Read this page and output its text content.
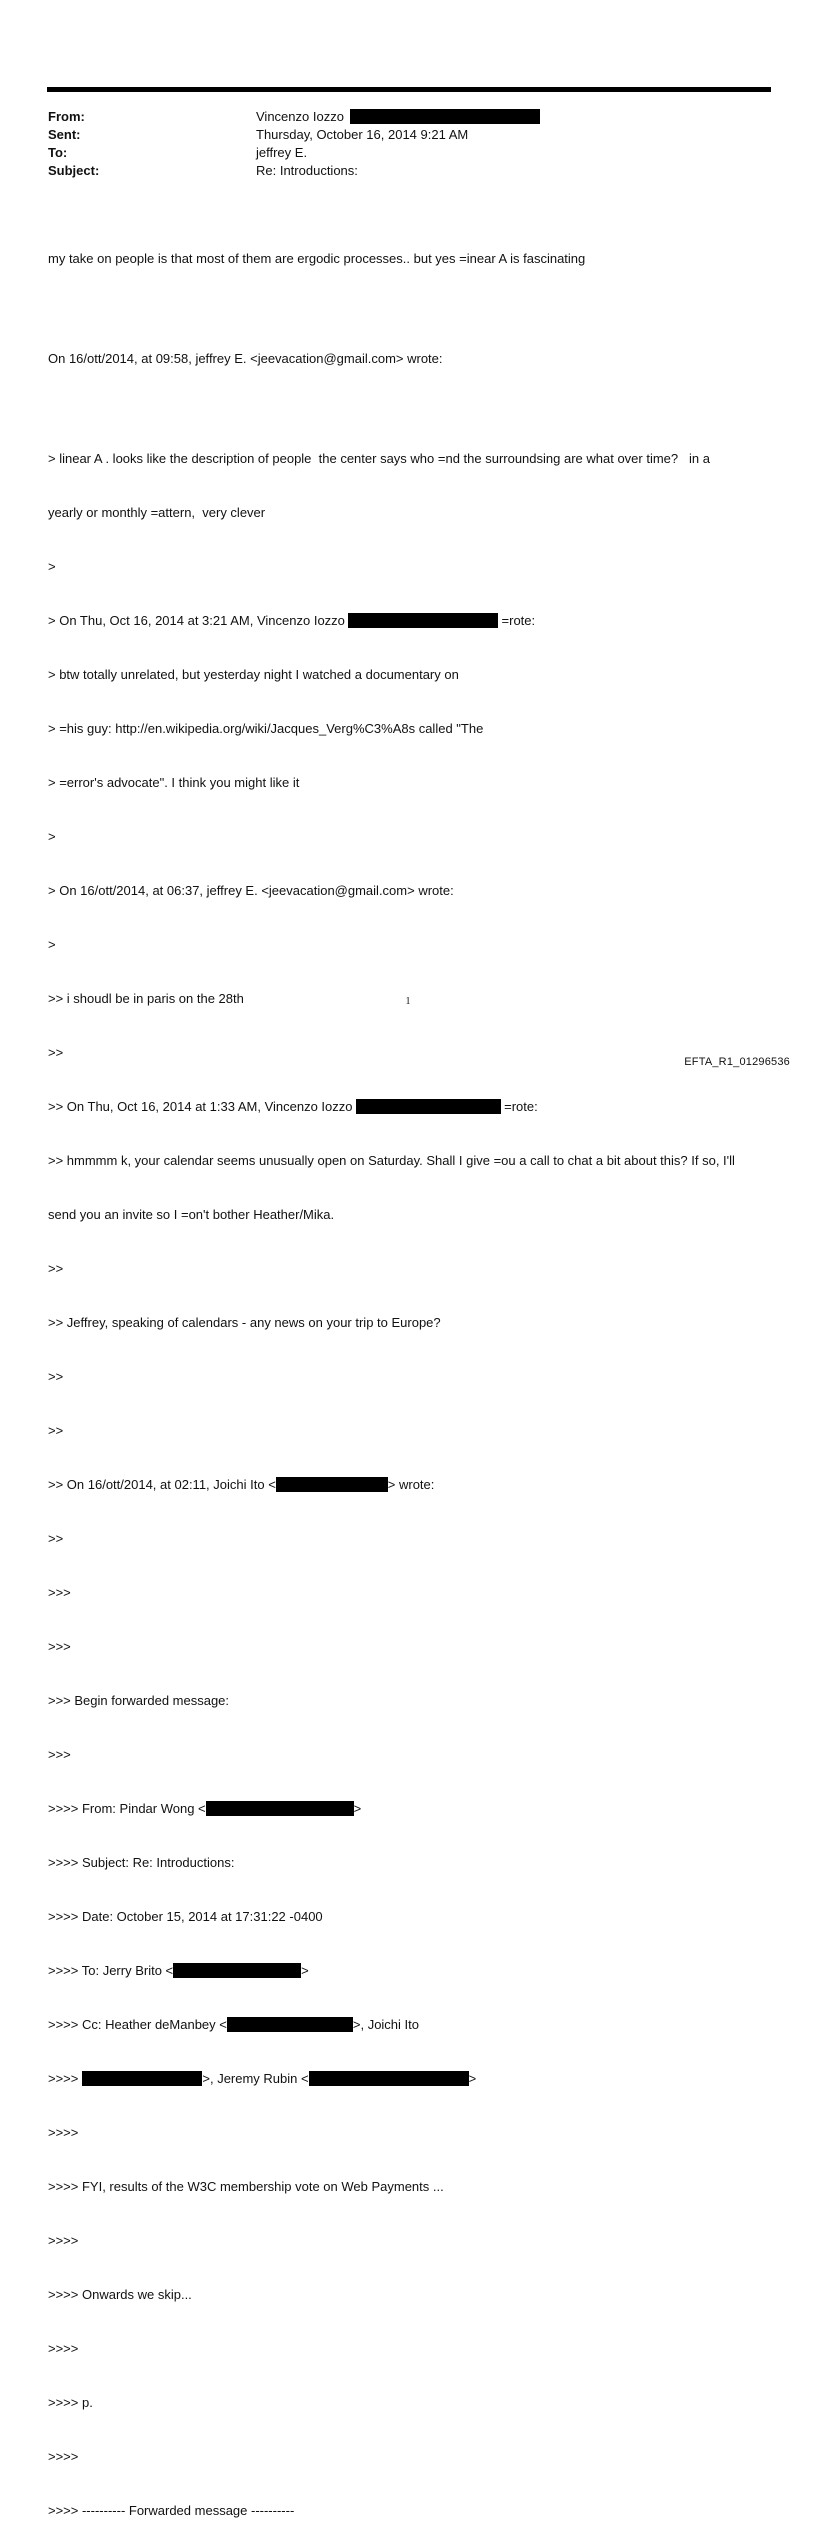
From:	Vincenzo Iozzo
Sent:	Thursday, October 16, 2014 9:21 AM
To:	jeffrey E.
Subject:	Re: Introductions:

my take on people is that most of them are ergodic processes.. but yes =inear A is fascinating

On 16/ott/2014, at 09:58, jeffrey E. <jeevacation@gmail.com> wrote:

> linear A . looks like the description of people  the center says who =nd the surroundsing are what over time?   in a

yearly or monthly =attern,  very clever

>

> On Thu, Oct 16, 2014 at 3:21 AM, Vincenzo Iozzo	=rote:

> btw totally unrelated, but yesterday night I watched a documentary on

> =his guy: http://en.wikipedia.org/wiki/Jacques_Verg%C3%A8s called "The

> =error's advocate". I think you might like it

>

> On 16/ott/2014, at 06:37, jeffrey E. <jeevacation@gmail.com> wrote:

>

>> i shoudl be in paris on the 28th

>>

>> On Thu, Oct 16, 2014 at 1:33 AM, Vincenzo Iozzo	=rote:

>> hmmmm k, your calendar seems unusually open on Saturday. Shall I give =ou a call to chat a bit about this? If so, I'll

send you an invite so I =on't bother Heather/Mika.

>>

>> Jeffrey, speaking of calendars - any news on your trip to Europe?

>>

>>

>> On 16/ott/2014, at 02:11, Joichi Ito <	> wrote:

>>

>>>

>>>

>>> Begin forwarded message:

>>>

>>>> From: Pindar Wong <	>

>>>> Subject: Re: Introductions:

>>>> Date: October 15, 2014 at 17:31:22 -0400

>>>> To: Jerry Brito <	>

>>>> Cc: Heather deManbey <	>, Joichi Ito

>>>>	>, Jeremy Rubin <	>

>>>>

>>>> FYI, results of the W3C membership vote on Web Payments ...

>>>>

>>>> Onwards we skip...

>>>>

>>>> p.

>>>>

>>>> ---------- Forwarded message ----------

1
EFTA_R1_01296536
